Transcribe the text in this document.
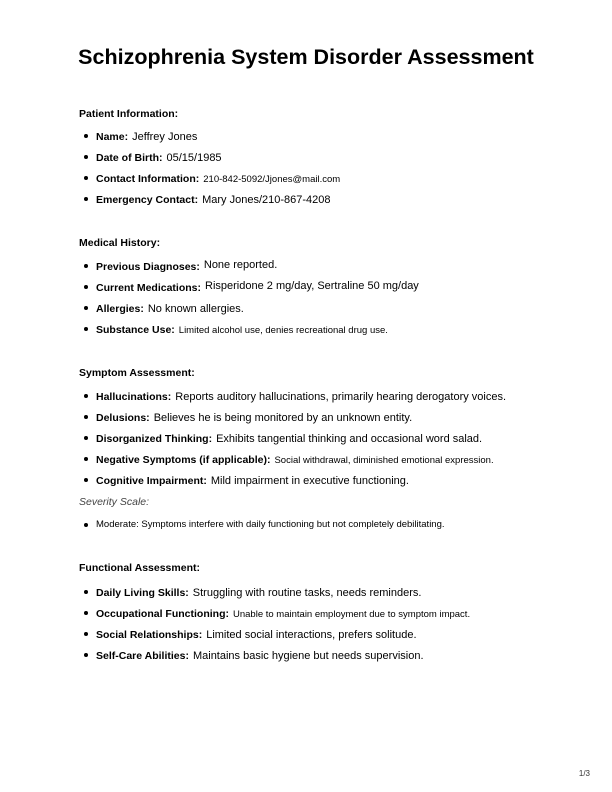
Schizophrenia System Disorder Assessment
Patient Information:
Name: Jeffrey Jones
Date of Birth: 05/15/1985
Contact Information: 210-842-5092/Jjones@mail.com
Emergency Contact: Mary Jones/210-867-4208
Medical History:
Previous Diagnoses: None reported.
Current Medications: Risperidone 2 mg/day, Sertraline 50 mg/day
Allergies: No known allergies.
Substance Use: Limited alcohol use, denies recreational drug use.
Symptom Assessment:
Hallucinations: Reports auditory hallucinations, primarily hearing derogatory voices.
Delusions: Believes he is being monitored by an unknown entity.
Disorganized Thinking: Exhibits tangential thinking and occasional word salad.
Negative Symptoms (if applicable): Social withdrawal, diminished emotional expression.
Cognitive Impairment: Mild impairment in executive functioning.

Severity Scale:

Moderate: Symptoms interfere with daily functioning but not completely debilitating.
Functional Assessment:
Daily Living Skills: Struggling with routine tasks, needs reminders.
Occupational Functioning: Unable to maintain employment due to symptom impact.
Social Relationships: Limited social interactions, prefers solitude.
Self-Care Abilities: Maintains basic hygiene but needs supervision.
1/3
